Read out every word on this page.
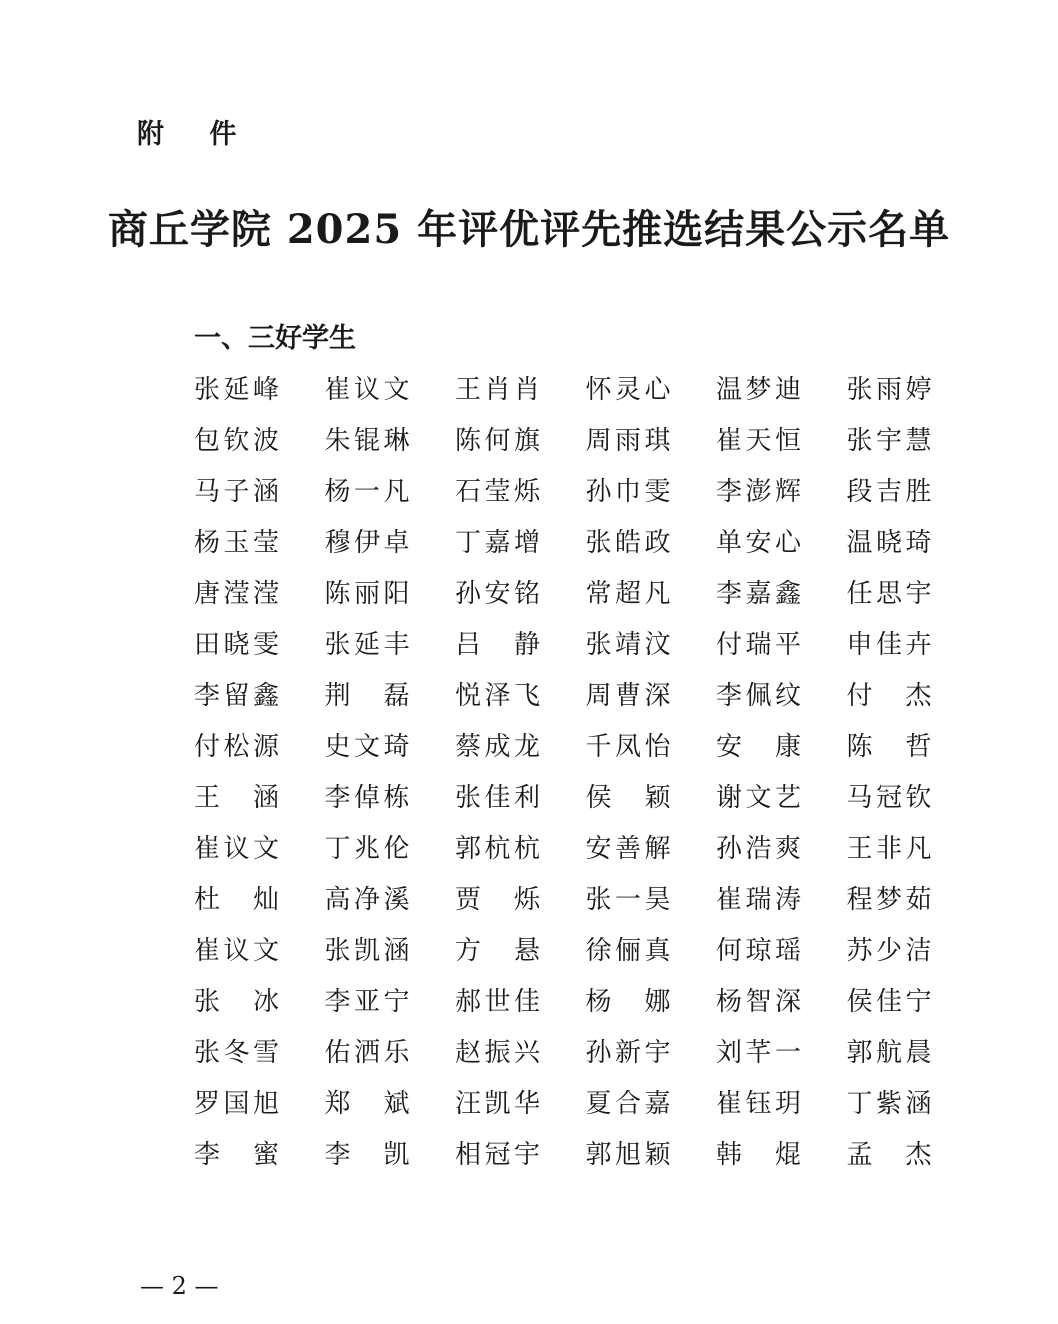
附 件
商丘学院 2025 年评优评先推选结果公示名单
一、三好学生
张延峰 崔议文 王肖肖 怀灵心 温梦迪 张雨婷
包钦波 朱锟琳 陈何旗 周雨琪 崔天恒 张宇慧
马子涵 杨一凡 石莹烁 孙巾雯 李澎辉 段吉胜
杨玉莹 穆伊卓 丁嘉增 张皓政 单安心 温晓琦
唐滢滢 陈丽阳 孙安铭 常超凡 李嘉鑫 任思宇
田晓雯 张延丰 吕静 张靖汶 付瑞平 申佳卉
李留鑫 荆磊 悦泽飞 周曹深 李佩纹 付杰
付松源 史文琦 蔡成龙 千凤怡 安康 陈哲
王涵 李倬栋 张佳利 侯颖 谢文艺 马冠钦
崔议文 丁兆伦 郭杭杭 安善解 孙浩爽 王非凡
杜灿 高净溪 贾烁 张一昊 崔瑞涛 程梦茹
崔议文 张凯涵 方悬 徐俪真 何琼瑶 苏少洁
张冰 李亚宁 郝世佳 杨娜 杨智深 侯佳宁
张冬雪 佑洒乐 赵振兴 孙新宇 刘芊一 郭航晨
罗国旭 郑斌 汪凯华 夏合嘉 崔钰玥 丁紫涵
李蜜 李凯 相冠宇 郭旭颖 韩焜 孟杰
— 2 —
